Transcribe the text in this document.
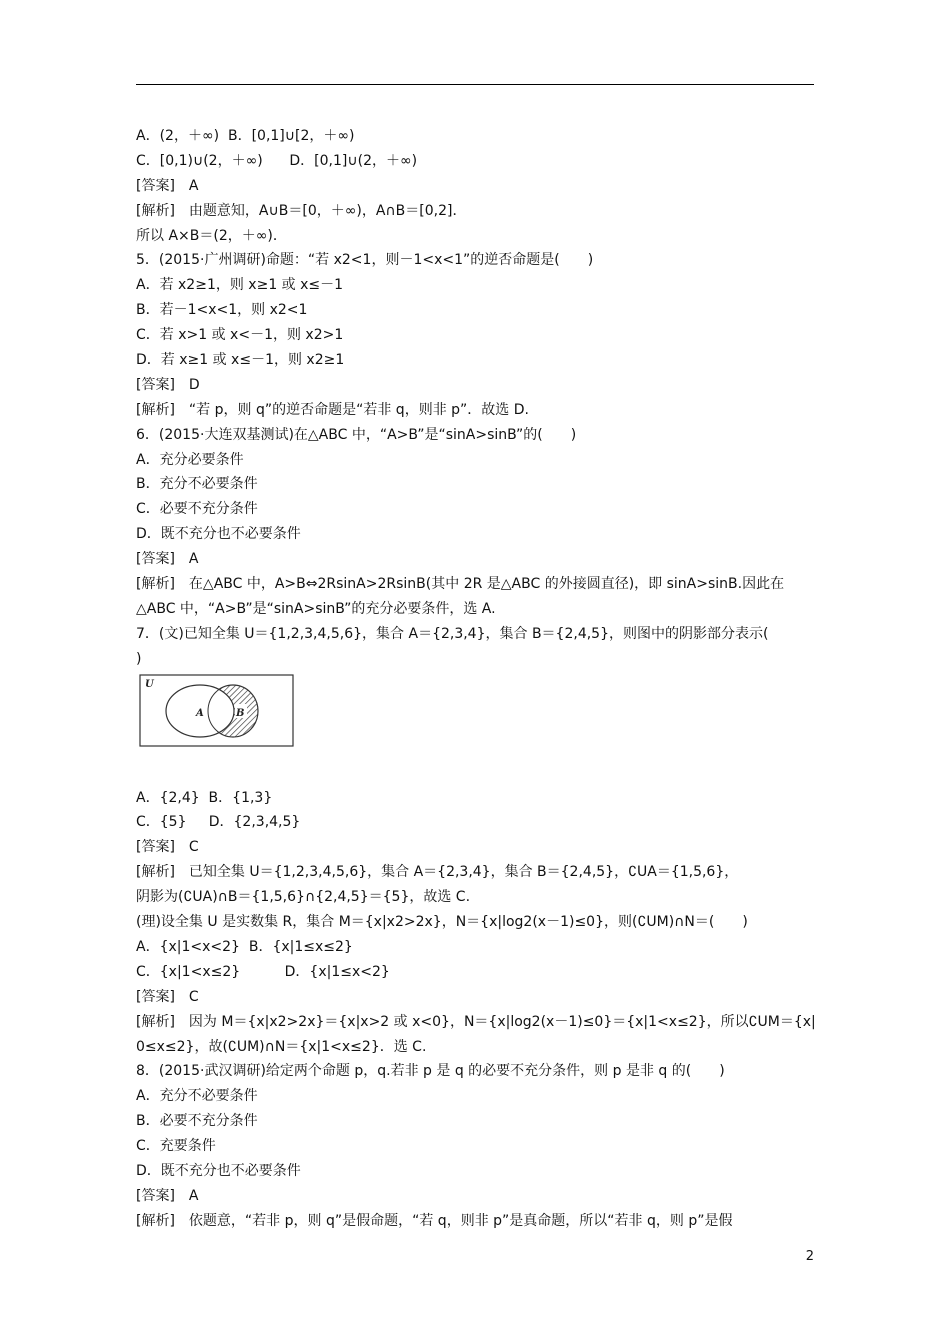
A．(2，＋∞)  B．[0,1]∪[2，＋∞)
C．[0,1)∪(2，＋∞)      D．[0,1]∪(2，＋∞)
[答案]　A
[解析]　由题意知，A∪B＝[0，＋∞)，A∩B＝[0,2]．
所以 A×B＝(2，＋∞)．
5．(2015·广州调研)命题：“若 x2<1，则－1<x<1”的逆否命题是(　　)
A．若 x2≥1，则 x≥1 或 x≤－1
B．若－1<x<1，则 x2<1
C．若 x>1 或 x<－1，则 x2>1
D．若 x≥1 或 x≤－1，则 x2≥1
[答案]　D
[解析]　“若 p，则 q”的逆否命题是“若非 q，则非 p”．故选 D.
6．(2015·大连双基测试)在△ABC 中，“A>B”是“sinA>sinB”的(　　)
A．充分必要条件
B．充分不必要条件
C．必要不充分条件
D．既不充分也不必要条件
[答案]　A
[解析]　在△ABC 中，A>B⇔2RsinA>2RsinB(其中 2R 是△ABC 的外接圆直径)，即 sinA>sinB.因此在
△ABC 中，“A>B”是“sinA>sinB”的充分必要条件，选 A.
7．(文)已知全集 U＝{1,2,3,4,5,6}，集合 A＝{2,3,4}，集合 B＝{2,4,5}，则图中的阴影部分表示(
)
U
A	B
A．{2,4}  B．{1,3}
C．{5}     D．{2,3,4,5}
[答案]　C
[解析]　已知全集 U＝{1,2,3,4,5,6}，集合 A＝{2,3,4}，集合 B＝{2,4,5}，∁UA＝{1,5,6}，
阴影为(∁UA)∩B＝{1,5,6}∩{2,4,5}＝{5}，故选 C.
(理)设全集 U 是实数集 R，集合 M＝{x|x2>2x}，N＝{x|log2(x－1)≤0}，则(∁UM)∩N＝(　　)
A．{x|1<x<2}  B．{x|1≤x≤2}
C．{x|1<x≤2}          D．{x|1≤x<2}
[答案]　C
[解析]　因为 M＝{x|x2>2x}＝{x|x>2 或 x<0}，N＝{x|log2(x－1)≤0}＝{x|1<x≤2}，所以∁UM＝{x|
0≤x≤2}，故(∁UM)∩N＝{x|1<x≤2}．选 C.
8．(2015·武汉调研)给定两个命题 p，q.若非 p 是 q 的必要不充分条件，则 p 是非 q 的(　　)
A．充分不必要条件
B．必要不充分条件
C．充要条件
D．既不充分也不必要条件
[答案]　A
[解析]　依题意，“若非 p，则 q”是假命题，“若 q，则非 p”是真命题，所以“若非 q，则 p”是假
2
